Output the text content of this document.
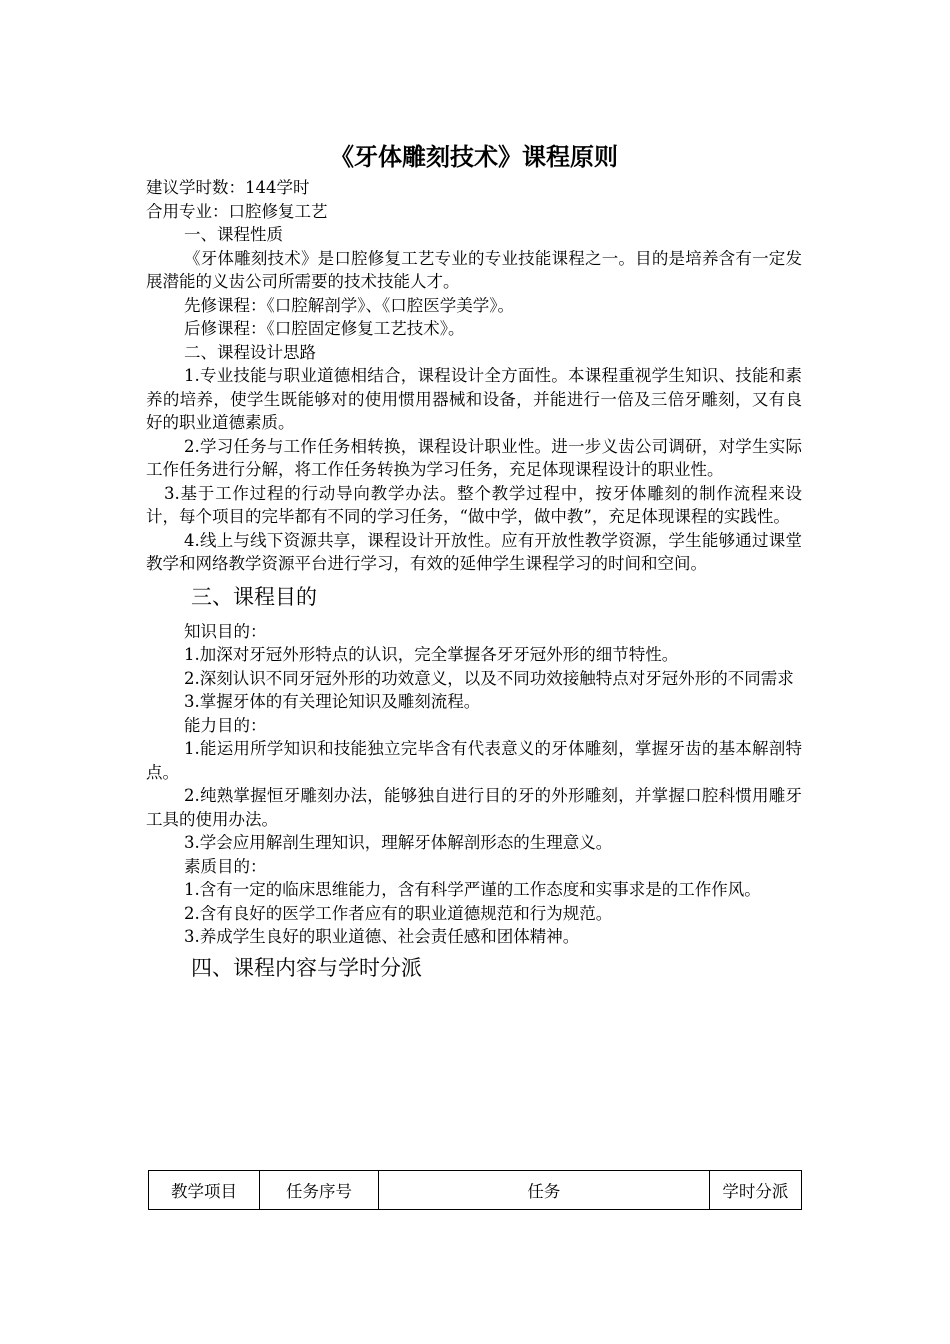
《牙体雕刻技术》课程原则

建议学时数：144学时

合用专业：口腔修复工艺

一、课程性质

《牙体雕刻技术》是口腔修复工艺专业的专业技能课程之一。目的是培养含有一定发展潜能的义齿公司所需要的技术技能人才。

先修课程：《口腔解剖学》、《口腔医学美学》。

后修课程：《口腔固定修复工艺技术》。

二、课程设计思路

1.专业技能与职业道德相结合，课程设计全方面性。本课程重视学生知识、技能和素养的培养，使学生既能够对的使用惯用器械和设备，并能进行一倍及三倍牙雕刻，又有良好的职业道德素质。

2.学习任务与工作任务相转换，课程设计职业性。进一步义齿公司调研，对学生实际工作任务进行分解，将工作任务转换为学习任务，充足体现课程设计的职业性。

3.基于工作过程的行动导向教学办法。整个教学过程中，按牙体雕刻的制作流程来设计，每个项目的完毕都有不同的学习任务，“做中学，做中教”，充足体现课程的实践性。

4.线上与线下资源共享，课程设计开放性。应有开放性教学资源，学生能够通过课堂教学和网络教学资源平台进行学习，有效的延伸学生课程学习的时间和空间。

三、课程目的

知识目的：

1.加深对牙冠外形特点的认识，完全掌握各牙牙冠外形的细节特性。

2.深刻认识不同牙冠外形的功效意义，以及不同功效接触特点对牙冠外形的不同需求

3.掌握牙体的有关理论知识及雕刻流程。

能力目的：

1.能运用所学知识和技能独立完毕含有代表意义的牙体雕刻，掌握牙齿的基本解剖特点。

2.纯熟掌握恒牙雕刻办法，能够独自进行目的牙的外形雕刻，并掌握口腔科惯用雕牙工具的使用办法。

3.学会应用解剖生理知识，理解牙体解剖形态的生理意义。

素质目的：

1.含有一定的临床思维能力，含有科学严谨的工作态度和实事求是的工作作风。

2.含有良好的医学工作者应有的职业道德规范和行为规范。

3.养成学生良好的职业道德、社会责任感和团体精神。

四、课程内容与学时分派

教学项目	任务序号	任务	学时分派
